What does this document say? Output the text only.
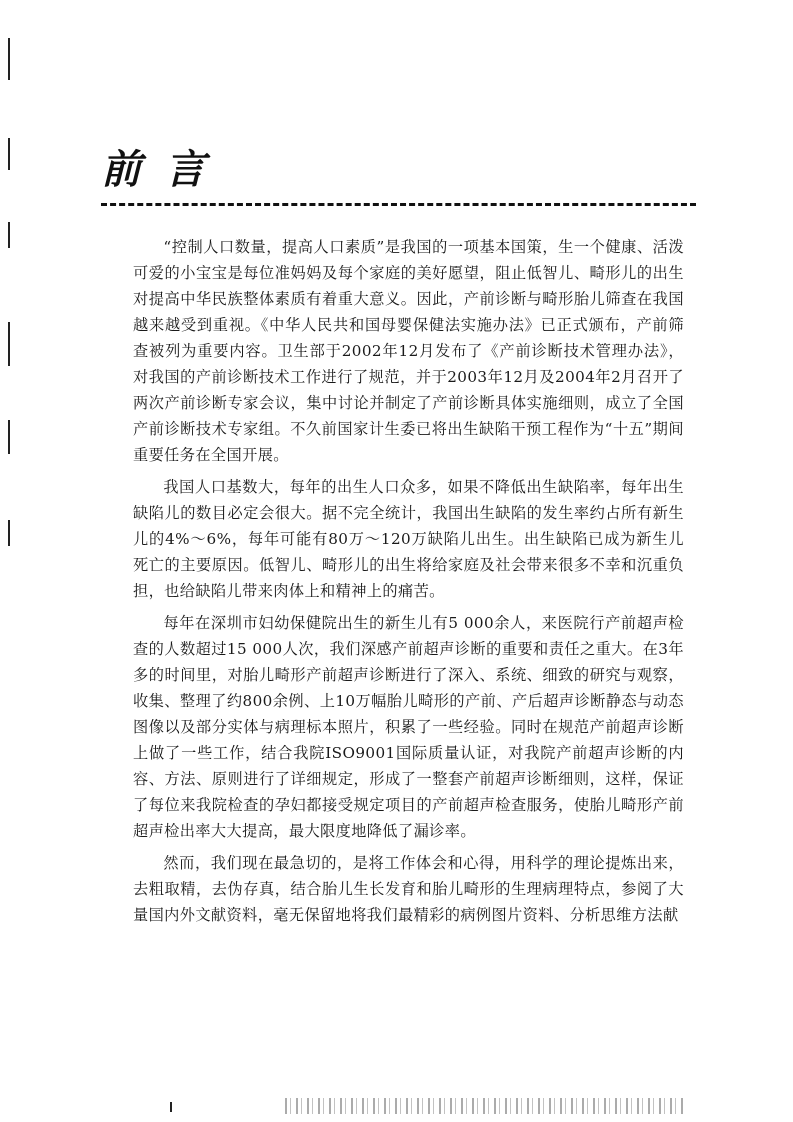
前言

“控制人口数量，提高人口素质”是我国的一项基本国策，生一个健康、活泼可爱的小宝宝是每位准妈妈及每个家庭的美好愿望，阻止低智儿、畸形儿的出生对提高中华民族整体素质有着重大意义。因此，产前诊断与畸形胎儿筛查在我国越来越受到重视。《中华人民共和国母婴保健法实施办法》已正式颁布，产前筛查被列为重要内容。卫生部于2002年12月发布了《产前诊断技术管理办法》，对我国的产前诊断技术工作进行了规范，并于2003年12月及2004年2月召开了两次产前诊断专家会议，集中讨论并制定了产前诊断具体实施细则，成立了全国产前诊断技术专家组。不久前国家计生委已将出生缺陷干预工程作为“十五”期间重要任务在全国开展。

我国人口基数大，每年的出生人口众多，如果不降低出生缺陷率，每年出生缺陷儿的数目必定会很大。据不完全统计，我国出生缺陷的发生率约占所有新生儿的4%～6%，每年可能有80万～120万缺陷儿出生。出生缺陷已成为新生儿死亡的主要原因。低智儿、畸形儿的出生将给家庭及社会带来很多不幸和沉重负担，也给缺陷儿带来肉体上和精神上的痛苦。

每年在深圳市妇幼保健院出生的新生儿有5 000余人，来医院行产前超声检查的人数超过15 000人次，我们深感产前超声诊断的重要和责任之重大。在3年多的时间里，对胎儿畸形产前超声诊断进行了深入、系统、细致的研究与观察，收集、整理了约800余例、上10万幅胎儿畸形的产前、产后超声诊断静态与动态图像以及部分实体与病理标本照片，积累了一些经验。同时在规范产前超声诊断上做了一些工作，结合我院ISO9001国际质量认证，对我院产前超声诊断的内容、方法、原则进行了详细规定，形成了一整套产前超声诊断细则，这样，保证了每位来我院检查的孕妇都接受规定项目的产前超声检查服务，使胎儿畸形产前超声检出率大大提高，最大限度地降低了漏诊率。

然而，我们现在最急切的，是将工作体会和心得，用科学的理论提炼出来，去粗取精，去伪存真，结合胎儿生长发育和胎儿畸形的生理病理特点，参阅了大量国内外文献资料，毫无保留地将我们最精彩的病例图片资料、分析思维方法献
